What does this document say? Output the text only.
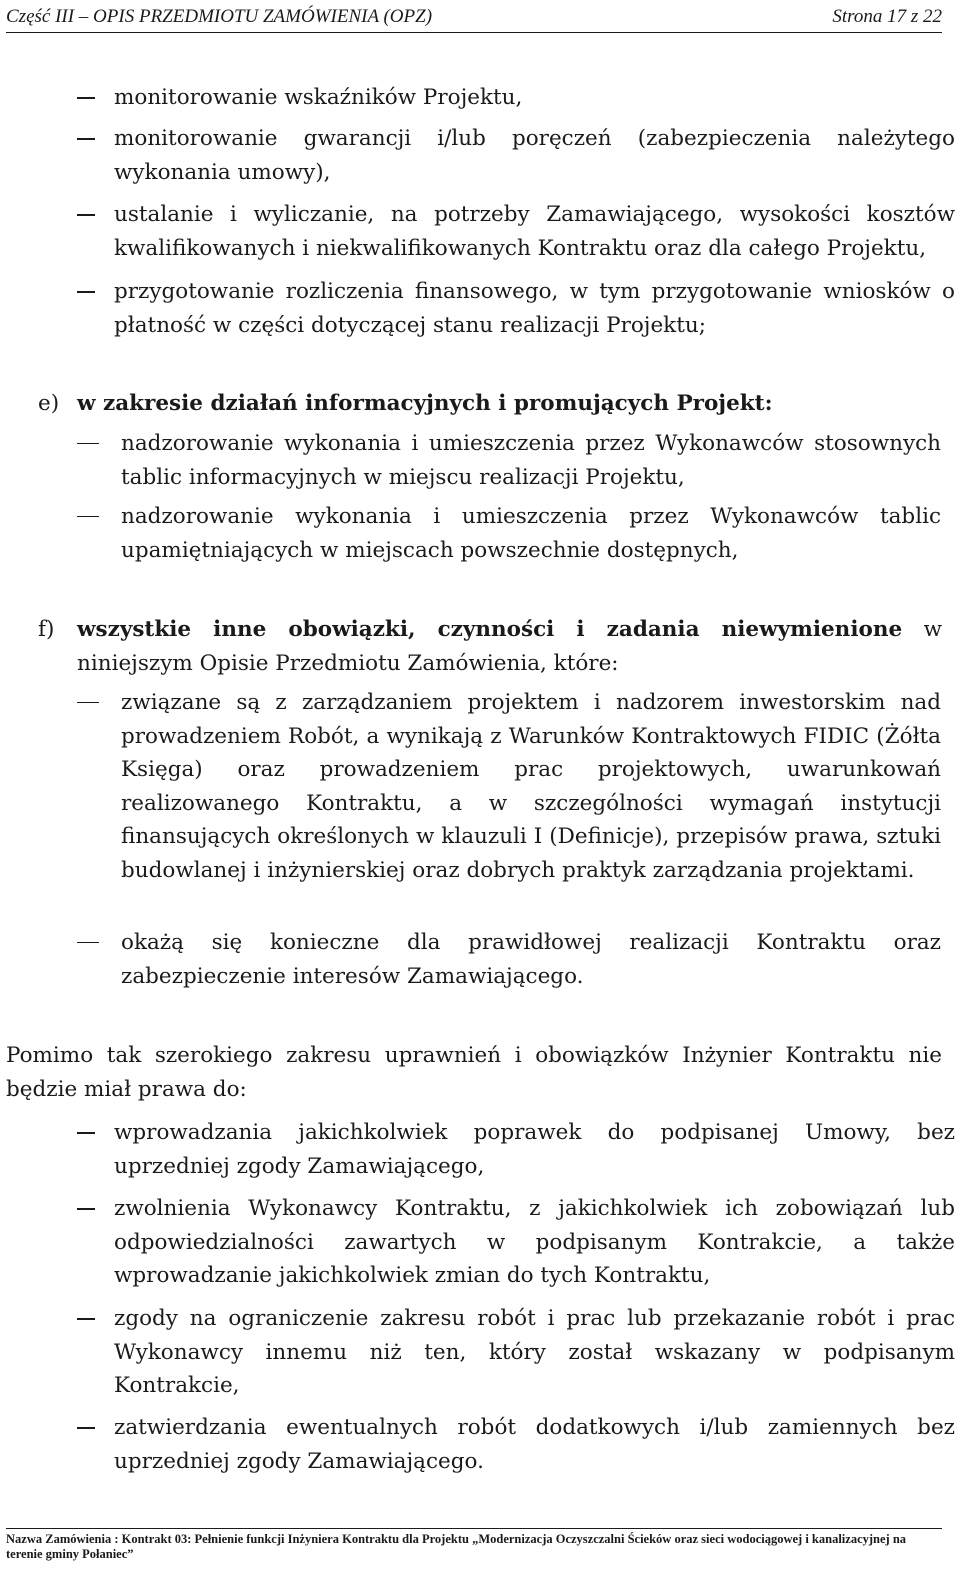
Część III – OPIS PRZEDMIOTU ZAMÓWIENIA (OPZ)	Strona 17 z 22
monitorowanie wskaźników Projektu,
monitorowanie gwarancji i/lub poręczeń (zabezpieczenia należytego wykonania umowy),
ustalanie i wyliczanie, na potrzeby Zamawiającego, wysokości kosztów kwalifikowanych i niekwalifikowanych Kontraktu oraz dla całego Projektu,
przygotowanie rozliczenia finansowego, w tym przygotowanie wniosków o płatność w części dotyczącej stanu realizacji Projektu;
e) w zakresie działań informacyjnych i promujących Projekt:
nadzorowanie wykonania i umieszczenia przez Wykonawców stosownych tablic informacyjnych w miejscu realizacji Projektu,
nadzorowanie wykonania i umieszczenia przez Wykonawców tablic upamiętniających w miejscach powszechnie dostępnych,
f) wszystkie inne obowiązki, czynności i zadania niewymienione w niniejszym Opisie Przedmiotu Zamówienia, które:
związane są z zarządzaniem projektem i nadzorem inwestorskim nad prowadzeniem Robót, a wynikają z Warunków Kontraktowych FIDIC (Żółta Księga) oraz prowadzeniem prac projektowych, uwarunkowań realizowanego Kontraktu, a w szczególności wymagań instytucji finansujących określonych w klauzuli I (Definicje), przepisów prawa, sztuki budowlanej i inżynierskiej oraz dobrych praktyk zarządzania projektami.
okażą się konieczne dla prawidłowej realizacji Kontraktu oraz zabezpieczenie interesów Zamawiającego.
Pomimo tak szerokiego zakresu uprawnień i obowiązków Inżynier Kontraktu nie będzie miał prawa do:
wprowadzania jakichkolwiek poprawek do podpisanej Umowy, bez uprzedniej zgody Zamawiającego,
zwolnienia Wykonawcy Kontraktu, z jakichkolwiek ich zobowiązań lub odpowiedzialności zawartych w podpisanym Kontrakcie, a także wprowadzanie jakichkolwiek zmian do tych Kontraktu,
zgody na ograniczenie zakresu robót i prac lub przekazanie robót i prac Wykonawcy innemu niż ten, który został wskazany w podpisanym Kontrakcie,
zatwierdzania ewentualnych robót dodatkowych i/lub zamiennych bez uprzedniej zgody Zamawiającego.
Nazwa Zamówienia : Kontrakt 03: Pełnienie funkcji Inżyniera Kontraktu dla Projektu „Modernizacja Oczyszczalni Ścieków oraz sieci wodociągowej i kanalizacyjnej na terenie gminy Połaniec”
